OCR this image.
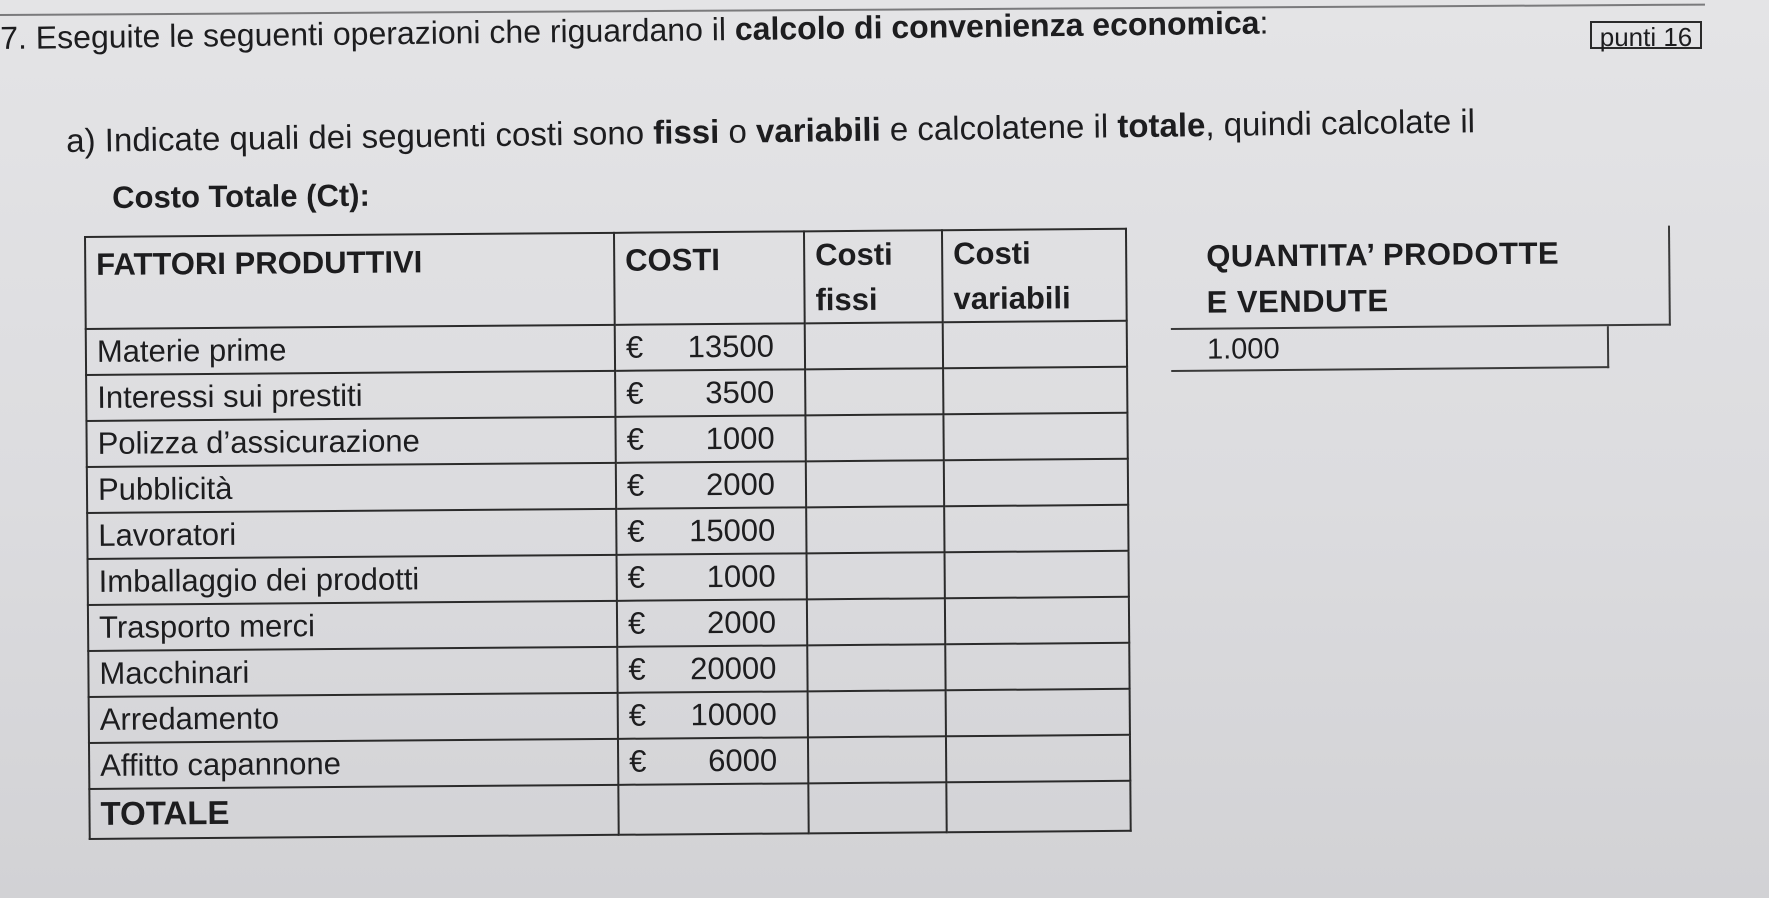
7. Eseguite le seguenti operazioni che riguardano il calcolo di convenienza economica:	punti 16
a) Indicate quali dei seguenti costi sono fissi o variabili e calcolatene il totale, quindi calcolate il
Costo Totale (Ct):
FATTORI PRODUTTIVI	COSTI	Costi fissi	Costi variabili
Materie prime	€ 13500		
Interessi sui prestiti	€ 3500		
Polizza d’assicurazione	€ 1000		
Pubblicità	€ 2000		
Lavoratori	€ 15000		
Imballaggio dei prodotti	€ 1000		
Trasporto merci	€ 2000		
Macchinari	€ 20000		
Arredamento	€ 10000		
Affitto capannone	€ 6000		
TOTALE			
QUANTITA’ PRODOTTE
E VENDUTE
1.000
